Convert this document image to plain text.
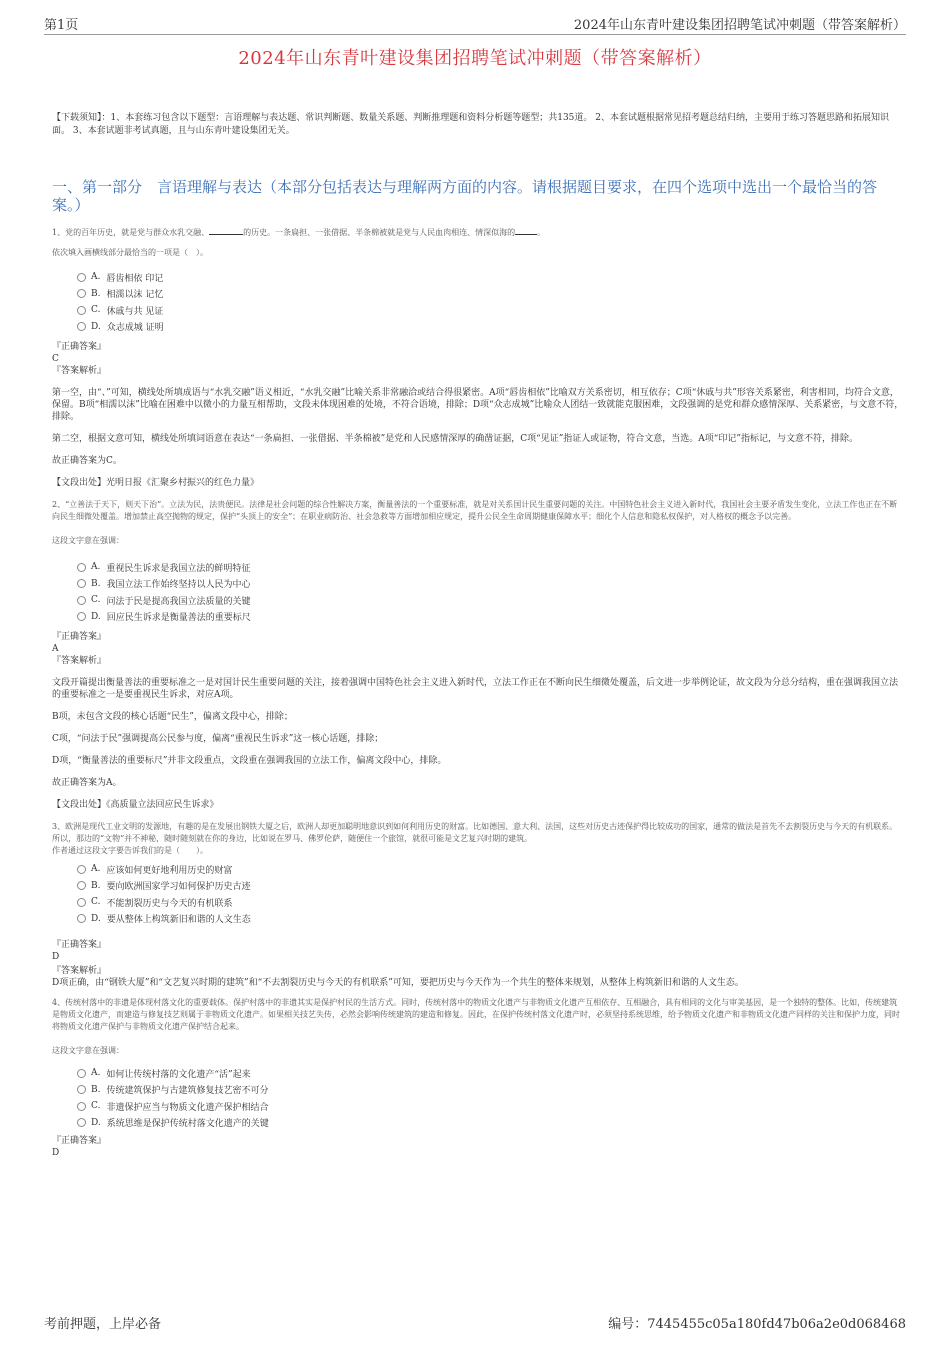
第1页	2024年山东青叶建设集团招聘笔试冲刺题（带答案解析）
2024年山东青叶建设集团招聘笔试冲刺题（带答案解析）
【下载须知】：1、本套练习包含以下题型：言语理解与表达题、常识判断题、数量关系题、判断推理题和资料分析题等题型；共135道。 2、本套试题根据常见招考题总结归纳，主要用于练习答题思路和拓展知识面。 3、本套试题非考试真题，且与山东青叶建设集团无关。
一、第一部分　言语理解与表达（本部分包括表达与理解两方面的内容。请根据题目要求，在四个选项中选出一个最恰当的答案。）
1、党的百年历史，就是党与群众水乳交融、	的历史。一条扁担、一张借据、半条棉被就是党与人民血肉相连、情深似海的	。
依次填入画横线部分最恰当的一项是（　）。
A. 唇齿相依 印记
B. 相濡以沫 记忆
C. 休戚与共 见证
D. 众志成城 证明
『正确答案』
C
『答案解析』
第一空，由“、”可知，横线处所填成语与“水乳交融”语义相近，“水乳交融”比喻关系非常融洽或结合得很紧密。A项“唇齿相依”比喻双方关系密切，相互依存；C项“休戚与共”形容关系紧密，利害相同，均符合文意，保留。B项“相濡以沫”比喻在困难中以微小的力量互相帮助，文段未体现困难的处境，不符合语境，排除；D项“众志成城”比喻众人团结一致就能克服困难，文段强调的是党和群众感情深厚、关系紧密，与文意不符，排除。
第二空，根据文意可知，横线处所填词语意在表达“一条扁担、一张借据、半条棉被”是党和人民感情深厚的确凿证据，C项“见证”指证人或证物，符合文意，当选。A项“印记”指标记，与文意不符，排除。
故正确答案为C。
【文段出处】光明日报《汇聚乡村振兴的红色力量》
2、“立善法于天下，则天下治”。立法为民，法贵便民。法律是社会问题的综合性解决方案，衡量善法的一个重要标准，就是对关系国计民生重要问题的关注。中国特色社会主义进入新时代，我国社会主要矛盾发生变化，立法工作也正在不断向民生细微处覆盖。增加禁止高空抛物的规定，保护“头顶上的安全”；在职业病防治、社会急救等方面增加相应规定，提升公民全生命周期健康保障水平；细化个人信息和隐私权保护，对人格权的概念予以完善。
这段文字意在强调：
A. 重视民生诉求是我国立法的鲜明特征
B. 我国立法工作始终坚持以人民为中心
C. 问法于民是提高我国立法质量的关键
D. 回应民生诉求是衡量善法的重要标尺
『正确答案』
A
『答案解析』
文段开篇提出衡量善法的重要标准之一是对国计民生重要问题的关注，接着强调中国特色社会主义进入新时代，立法工作正在不断向民生细微处覆盖，后文进一步举例论证，故文段为分总分结构，重在强调我国立法的重要标准之一是要重视民生诉求，对应A项。
B项，未包含文段的核心话题“民生”，偏离文段中心，排除；
C项，“问法于民”强调提高公民参与度，偏离“重视民生诉求”这一核心话题，排除；
D项，“衡量善法的重要标尺”并非文段重点，文段重在强调我国的立法工作，偏离文段中心，排除。
故正确答案为A。
【文段出处】《高质量立法回应民生诉求》
3、欧洲是现代工业文明的发源地，有趣的是在发展出钢铁大厦之后，欧洲人却更加聪明地意识到如何利用历史的财富。比如德国、意大利、法国，这些对历史古迹保护得比较成功的国家，通常的做法是首先不去割裂历史与今天的有机联系。所以，那边的“文物”并不神秘，随时随刻就在你的身边，比如说在罗马、佛罗伦萨，随便住一个旅馆，就很可能是文艺复兴时期的建筑。
作者通过这段文字要告诉我们的是（　　）。
A. 应该如何更好地利用历史的财富
B. 要向欧洲国家学习如何保护历史古迹
C. 不能割裂历史与今天的有机联系
D. 要从整体上构筑新旧和谐的人文生态
『正确答案』
D
『答案解析』
D项正确，由“钢铁大厦”和“文艺复兴时期的建筑”和“不去割裂历史与今天的有机联系”可知，要把历史与今天作为一个共生的整体来规划，从整体上构筑新旧和谐的人文生态。
4、传统村落中的非遗是体现村落文化的重要载体。保护村落中的非遗其实是保护村民的生活方式。同时，传统村落中的物质文化遗产与非物质文化遗产互相依存、互相融合，具有相同的文化与审美基因，是一个独特的整体。比如，传统建筑是物质文化遗产，而建造与修复技艺则属于非物质文化遗产。如果相关技艺失传，必然会影响传统建筑的建造和修复。因此，在保护传统村落文化遗产时，必须坚持系统思维，给予物质文化遗产和非物质文化遗产同样的关注和保护力度，同时将物质文化遗产保护与非物质文化遗产保护结合起来。
这段文字意在强调：
A. 如何让传统村落的文化遗产“活”起来
B. 传统建筑保护与古建筑修复技艺密不可分
C. 非遗保护应当与物质文化遗产保护相结合
D. 系统思维是保护传统村落文化遗产的关键
『正确答案』
D
考前押题，上岸必备	编号：7445455c05a180fd47b06a2e0d068468
